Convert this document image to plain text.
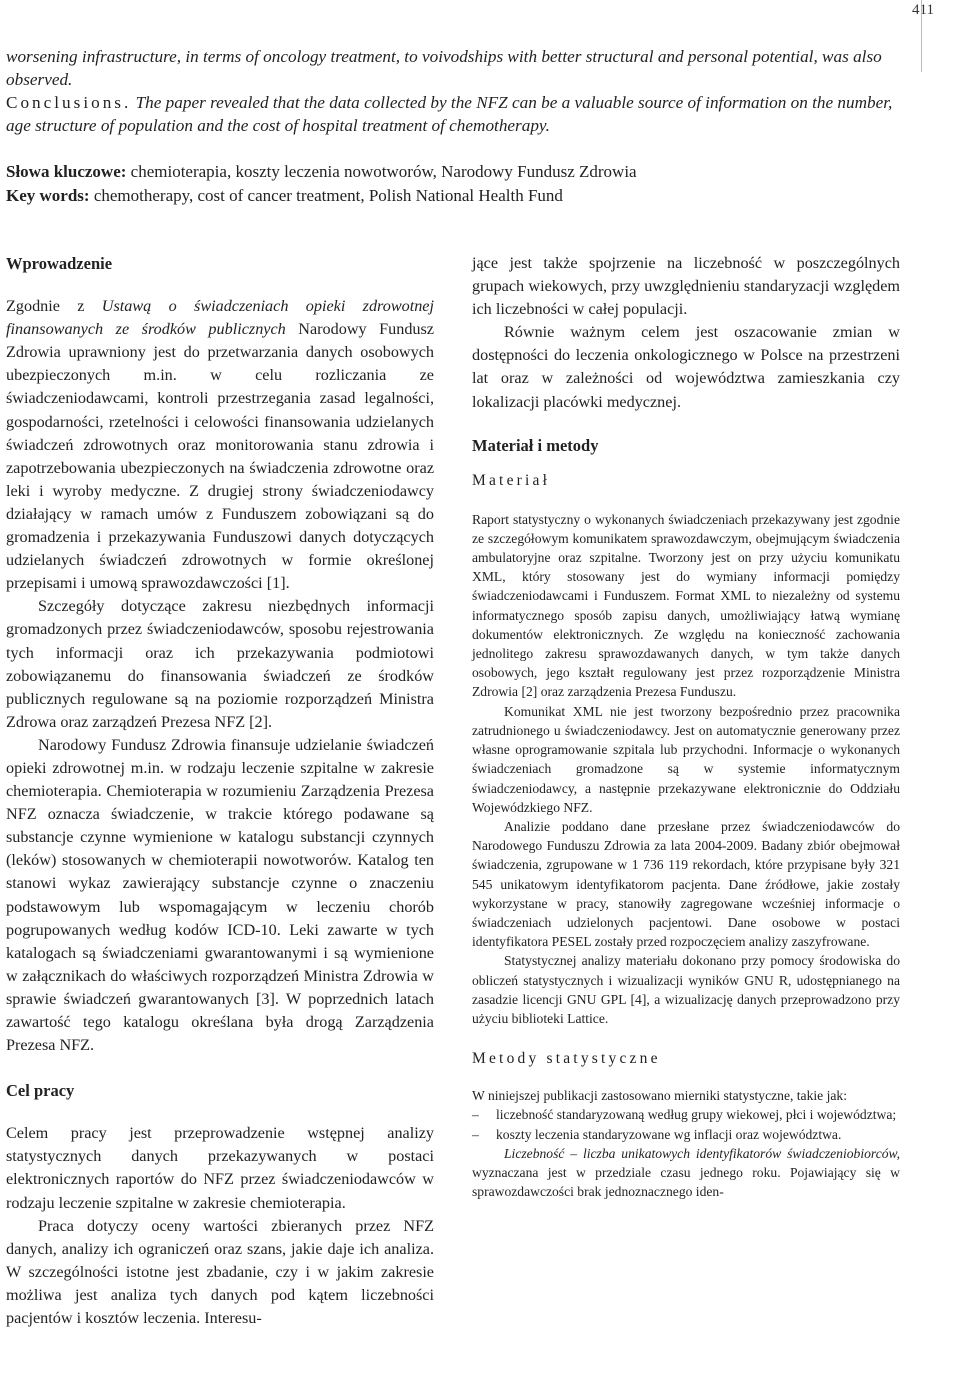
411

worsening infrastructure, in terms of oncology treatment, to voivodships with better structural and personal potential, was also observed.

Conclusions. The paper revealed that the data collected by the NFZ can be a valuable source of information on the number, age structure of population and the cost of hospital treatment of chemotherapy.

Słowa kluczowe: chemioterapia, koszty leczenia nowotworów, Narodowy Fundusz Zdrowia

Key words: chemotherapy, cost of cancer treatment, Polish National Health Fund

Wprowadzenie

Zgodnie z Ustawą o świadczeniach opieki zdrowotnej finansowanych ze środków publicznych Narodowy Fundusz Zdrowia uprawniony jest do przetwarzania danych osobowych ubezpieczonych m.in. w celu rozliczania ze świadczeniodawcami, kontroli przestrzegania zasad legalności, gospodarności, rzetelności i celowości finansowania udzielanych świadczeń zdrowotnych oraz monitorowania stanu zdrowia i zapotrzebowania ubezpieczonych na świadczenia zdrowotne oraz leki i wyroby medyczne. Z drugiej strony świadczeniodawcy działający w ramach umów z Funduszem zobowiązani są do gromadzenia i przekazywania Funduszowi danych dotyczących udzielanych świadczeń zdrowotnych w formie określonej przepisami i umową sprawozdawczości [1].

Szczegóły dotyczące zakresu niezbędnych informacji gromadzonych przez świadczeniodawców, sposobu rejestrowania tych informacji oraz ich przekazywania podmiotowi zobowiązanemu do finansowania świadczeń ze środków publicznych regulowane są na poziomie rozporządzeń Ministra Zdrowa oraz zarządzeń Prezesa NFZ [2].

Narodowy Fundusz Zdrowia finansuje udzielanie świadczeń opieki zdrowotnej m.in. w rodzaju leczenie szpitalne w zakresie chemioterapia. Chemioterapia w rozumieniu Zarządzenia Prezesa NFZ oznacza świadczenie, w trakcie którego podawane są substancje czynne wymienione w katalogu substancji czynnych (leków) stosowanych w chemioterapii nowotworów. Katalog ten stanowi wykaz zawierający substancje czynne o znaczeniu podstawowym lub wspomagającym w leczeniu chorób pogrupowanych według kodów ICD-10. Leki zawarte w tych katalogach są świadczeniami gwarantowanymi i są wymienione w załącznikach do właściwych rozporządzeń Ministra Zdrowia w sprawie świadczeń gwarantowanych [3]. W poprzednich latach zawartość tego katalogu określana była drogą Zarządzenia Prezesa NFZ.

Cel pracy

Celem pracy jest przeprowadzenie wstępnej analizy statystycznych danych przekazywanych w postaci elektronicznych raportów do NFZ przez świadczeniodawców w rodzaju leczenie szpitalne w zakresie chemioterapia.

Praca dotyczy oceny wartości zbieranych przez NFZ danych, analizy ich ograniczeń oraz szans, jakie daje ich analiza. W szczególności istotne jest zbadanie, czy i w jakim zakresie możliwa jest analiza tych danych pod kątem liczebności pacjentów i kosztów leczenia. Interesu-

jące jest także spojrzenie na liczebność w poszczególnych grupach wiekowych, przy uwzględnieniu standaryzacji względem ich liczebności w całej populacji.

Równie ważnym celem jest oszacowanie zmian w dostępności do leczenia onkologicznego w Polsce na przestrzeni lat oraz w zależności od województwa zamieszkania czy lokalizacji placówki medycznej.

Materiał i metody

Materiał

Raport statystyczny o wykonanych świadczeniach przekazywany jest zgodnie ze szczegółowym komunikatem sprawozdawczym, obejmującym świadczenia ambulatoryjne oraz szpitalne. Tworzony jest on przy użyciu komunikatu XML, który stosowany jest do wymiany informacji pomiędzy świadczeniodawcami i Funduszem. Format XML to niezależny od systemu informatycznego sposób zapisu danych, umożliwiający łatwą wymianę dokumentów elektronicznych. Ze względu na konieczność zachowania jednolitego zakresu sprawozdawanych danych, w tym także danych osobowych, jego kształt regulowany jest przez rozporządzenie Ministra Zdrowia [2] oraz zarządzenia Prezesa Funduszu.

Komunikat XML nie jest tworzony bezpośrednio przez pracownika zatrudnionego u świadczeniodawcy. Jest on automatycznie generowany przez własne oprogramowanie szpitala lub przychodni. Informacje o wykonanych świadczeniach gromadzone są w systemie informatycznym świadczeniodawcy, a następnie przekazywane elektronicznie do Oddziału Wojewódzkiego NFZ.

Analizie poddano dane przesłane przez świadczeniodawców do Narodowego Funduszu Zdrowia za lata 2004-2009. Badany zbiór obejmował świadczenia, zgrupowane w 1 736 119 rekordach, które przypisane były 321 545 unikatowym identyfikatorom pacjenta. Dane źródłowe, jakie zostały wykorzystane w pracy, stanowiły zagregowane wcześniej informacje o świadczeniach udzielonych pacjentowi. Dane osobowe w postaci identyfikatora PESEL zostały przed rozpoczęciem analizy zaszyfrowane.

Statystycznej analizy materiału dokonano przy pomocy środowiska do obliczeń statystycznych i wizualizacji wyników GNU R, udostępnianego na zasadzie licencji GNU GPL [4], a wizualizację danych przeprowadzono przy użyciu biblioteki Lattice.

Metody statystyczne

W niniejszej publikacji zastosowano mierniki statystyczne, takie jak:

– liczebność standaryzowaną według grupy wiekowej, płci i województwa;
– koszty leczenia standaryzowane wg inflacji oraz województwa.

Liczebność – liczba unikatowych identyfikatorów świadczeniobiorców, wyznaczana jest w przedziale czasu jednego roku. Pojawiający się w sprawozdawczości brak jednoznacznego iden-
